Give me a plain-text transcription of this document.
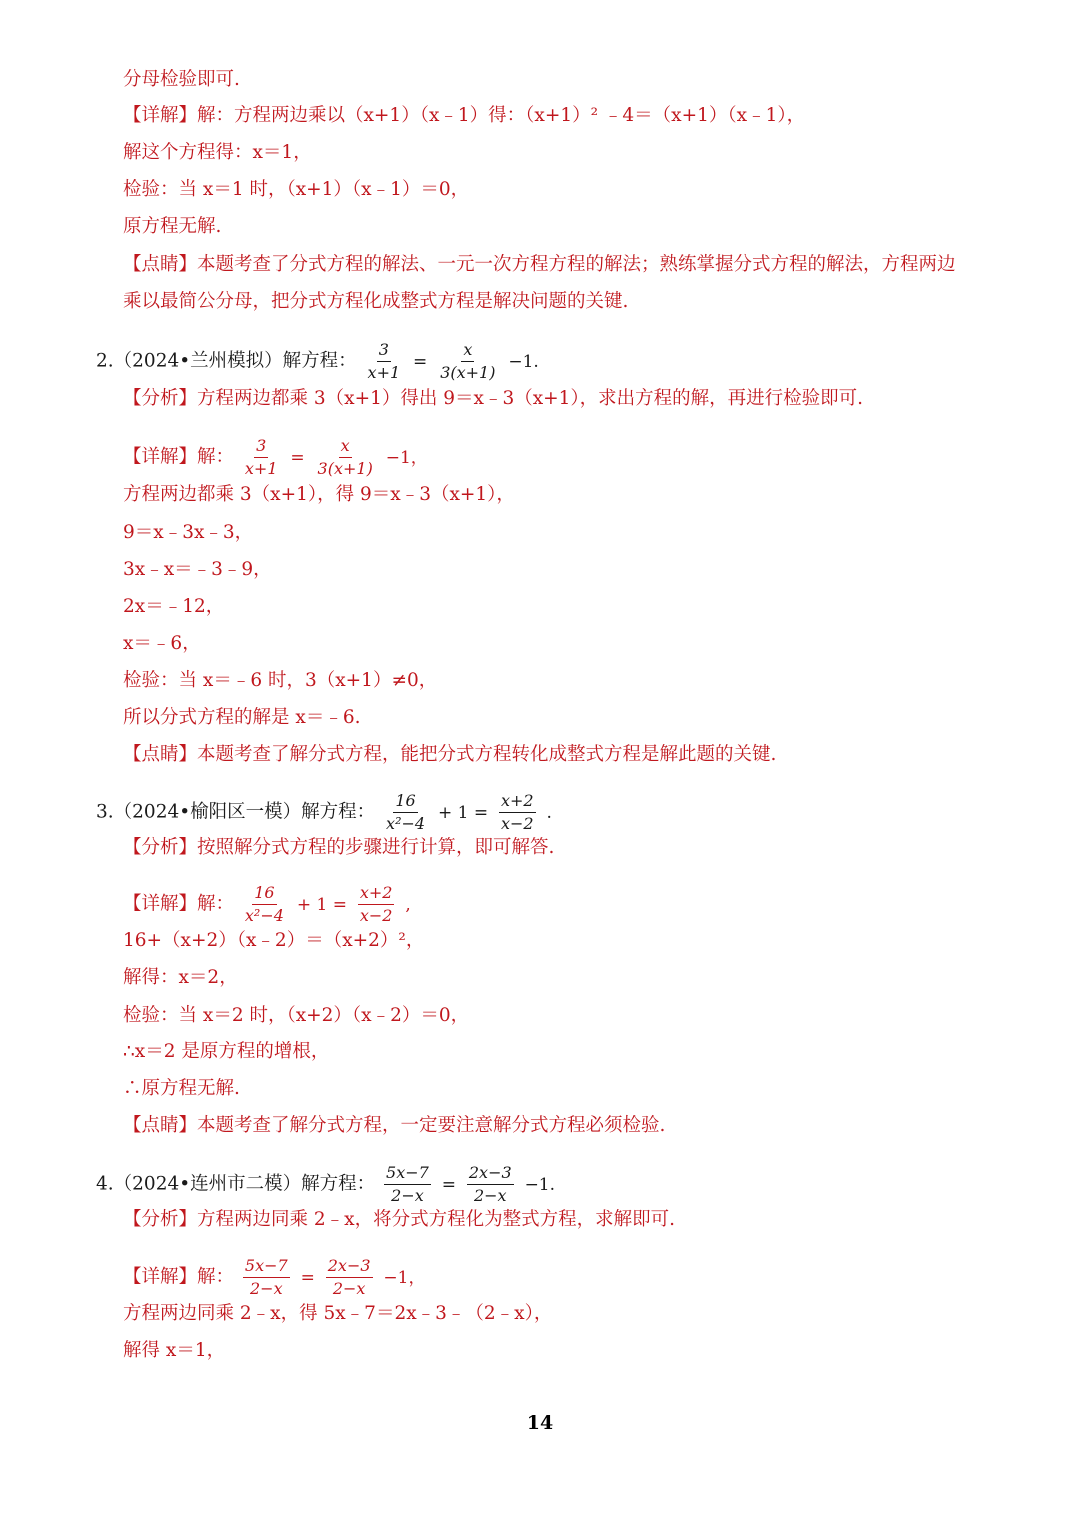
分母检验即可.
【详解】解：方程两边乘以（x+1）（x﹣1）得：（x+1）² ﹣4＝（x+1）（x﹣1），
解这个方程得：x＝1，
检验：当 x＝1 时，（x+1）（x﹣1）＝0，
原方程无解.
【点睛】本题考查了分式方程的解法、一元一次方程方程的解法；熟练掌握分式方程的解法，方程两边
乘以最简公分母，把分式方程化成整式方程是解决问题的关键.
2.（2024•兰州模拟）解方程： $\frac{3}{x+1} = \frac{x}{3(x+1)} -1$.
【分析】方程两边都乘 3（x+1）得出 9＝x﹣3（x+1），求出方程的解，再进行检验即可.
【详解】解： $\frac{3}{x+1} = \frac{x}{3(x+1)} -1$，
方程两边都乘 3（x+1），得 9＝x﹣3（x+1），
9＝x﹣3x﹣3，
3x﹣x＝﹣3﹣9，
2x＝﹣12，
x＝﹣6，
检验：当 x＝﹣6 时，3（x+1）≠0，
所以分式方程的解是 x＝﹣6.
【点睛】本题考查了解分式方程，能把分式方程转化成整式方程是解此题的关键.
3.（2024•榆阳区一模）解方程： $\frac{16}{\text{x²−4}} + 1 = \frac{x+2}{x-2}$ .
【分析】按照解分式方程的步骤进行计算，即可解答.
【详解】解： $\frac{16}{\text{x²−4}} + 1 = \frac{x+2}{x-2}$ ,
16+（x+2）（x﹣2）＝（x+2）²，
解得：x＝2，
检验：当 x＝2 时，（x+2）（x﹣2）＝0，
∴x＝2 是原方程的增根，
∴原方程无解.
【点睛】本题考查了解分式方程，一定要注意解分式方程必须检验.
4.（2024•连州市二模）解方程： $\frac{5x-7}{2-x} = \frac{2x-3}{2-x} -1$.
【分析】方程两边同乘 2﹣x，将分式方程化为整式方程，求解即可.
【详解】解： $\frac{5x-7}{2-x} = \frac{2x-3}{2-x} -1$，
方程两边同乘 2﹣x，得 5x﹣7＝2x﹣3﹣（2﹣x），
解得 x＝1，
14
